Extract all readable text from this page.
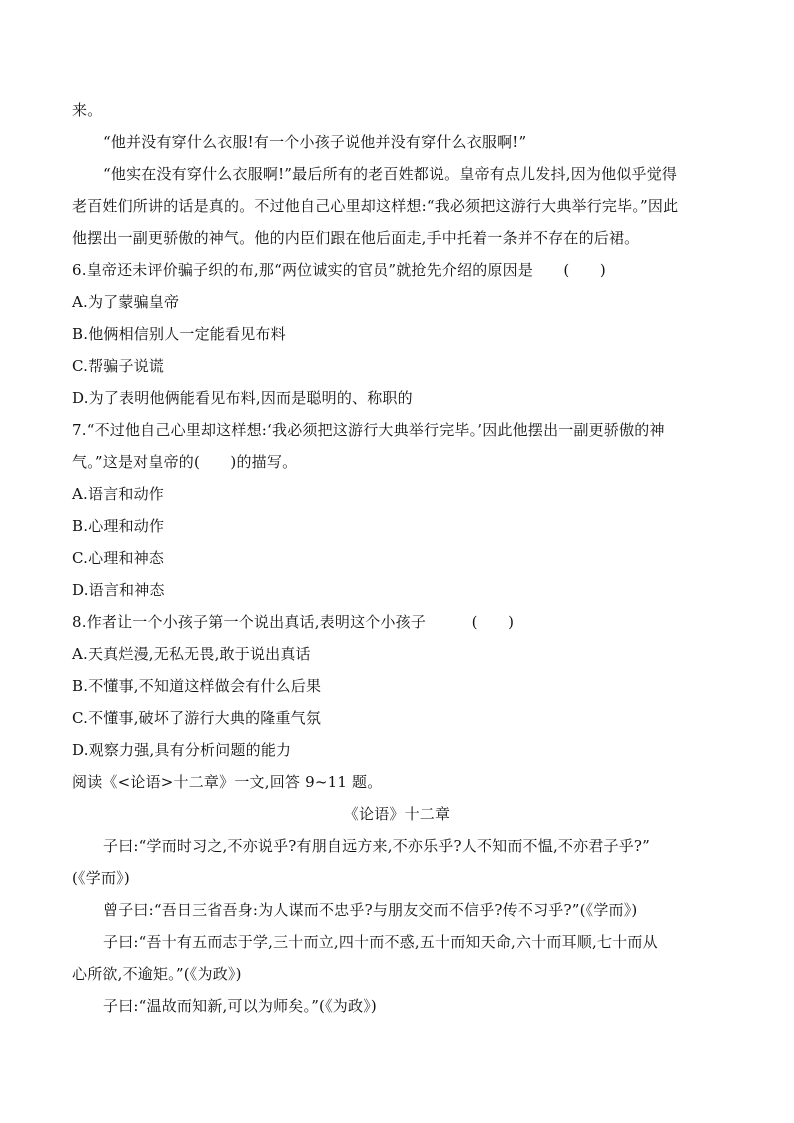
来。
“他并没有穿什么衣服!有一个小孩子说他并没有穿什么衣服啊!”
“他实在没有穿什么衣服啊!”最后所有的老百姓都说。皇帝有点儿发抖,因为他似乎觉得
老百姓们所讲的话是真的。不过他自己心里却这样想:“我必须把这游行大典举行完毕。”因此
他摆出一副更骄傲的神气。他的内臣们跟在他后面走,手中托着一条并不存在的后裙。
6.皇帝还未评价骗子织的布,那“两位诚实的官员”就抢先介绍的原因是　　(　　)
A.为了蒙骗皇帝
B.他俩相信别人一定能看见布料
C.帮骗子说谎
D.为了表明他俩能看见布料,因而是聪明的、称职的
7.“不过他自己心里却这样想:‘我必须把这游行大典举行完毕。’因此他摆出一副更骄傲的神
气。”这是对皇帝的(　　)的描写。
A.语言和动作
B.心理和动作
C.心理和神态
D.语言和神态
8.作者让一个小孩子第一个说出真话,表明这个小孩子　　　(　　)
A.天真烂漫,无私无畏,敢于说出真话
B.不懂事,不知道这样做会有什么后果
C.不懂事,破坏了游行大典的隆重气氛
D.观察力强,具有分析问题的能力
阅读《<论语>十二章》一文,回答 9~11 题。
《论语》十二章
子曰:“学而时习之,不亦说乎?有朋自远方来,不亦乐乎?人不知而不愠,不亦君子乎?”
(《学而》)
曾子曰:“吾日三省吾身:为人谋而不忠乎?与朋友交而不信乎?传不习乎?”(《学而》)
子曰:“吾十有五而志于学,三十而立,四十而不惑,五十而知天命,六十而耳顺,七十而从
心所欲,不逾矩。”(《为政》)
子曰:“温故而知新,可以为师矣。”(《为政》)
